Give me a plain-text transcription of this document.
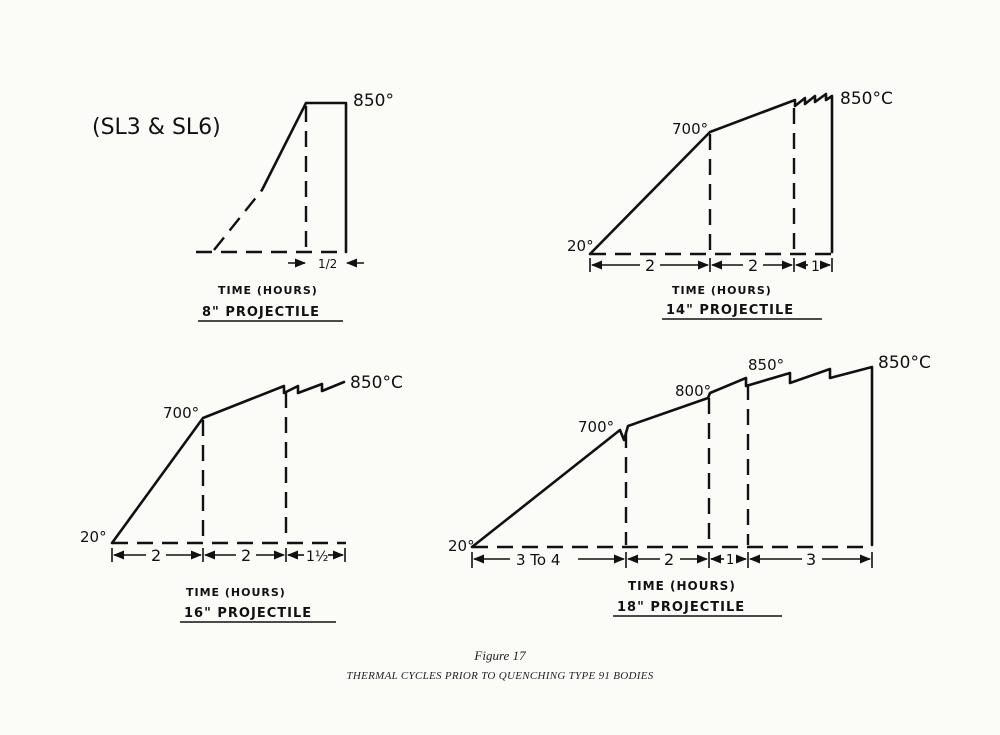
(SL3 & SL6)
850°
1/2
TIME (HOURS)
8" PROJECTILE
20°
700°
850°C
2	2	1
TIME (HOURS)
14" PROJECTILE
20°
700°
850°C
2	2	1½
TIME (HOURS)
16" PROJECTILE
20°
700°
800°
850°	850°C
3 To 4	2	1	3
TIME (HOURS)
18" PROJECTILE
Figure 17
THERMAL CYCLES PRIOR TO QUENCHING TYPE 91 BODIES
